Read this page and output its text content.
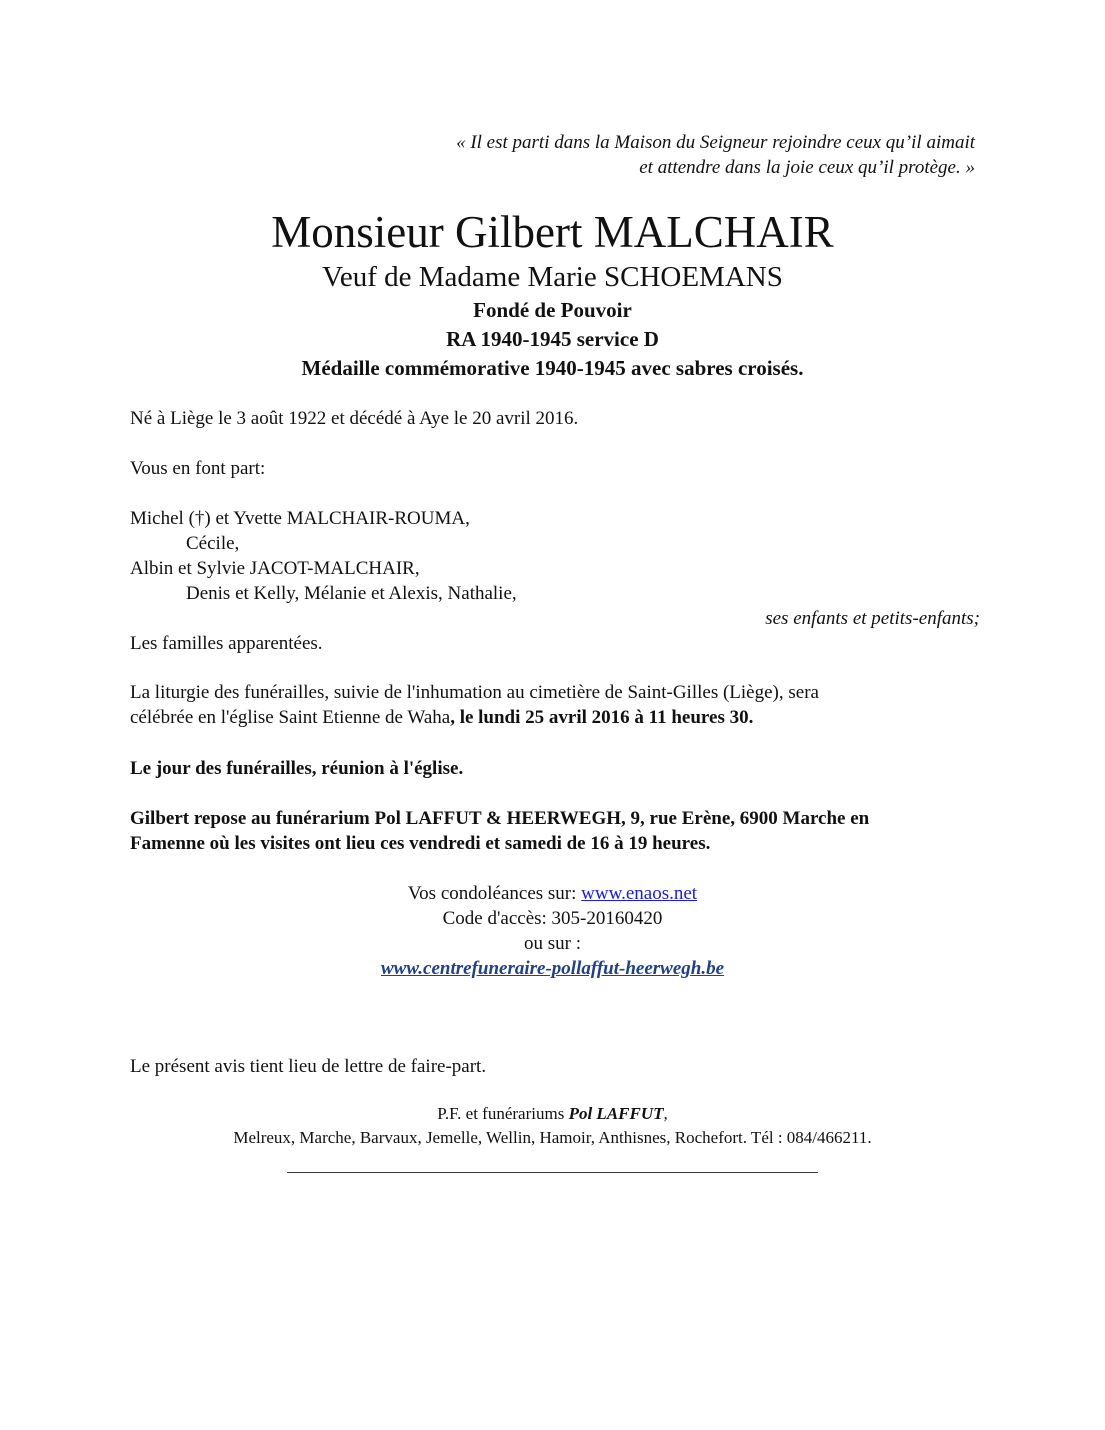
« Il est parti dans la Maison du Seigneur rejoindre ceux qu’il aimait
et attendre dans la joie ceux qu’il protège. »
Monsieur Gilbert MALCHAIR
Veuf de Madame Marie SCHOEMANS
Fondé de Pouvoir
RA 1940-1945 service D
Médaille commémorative 1940-1945 avec sabres croisés.
Né à Liège le 3 août 1922 et décédé à Aye le 20 avril 2016.
Vous en font part:
Michel (†) et Yvette MALCHAIR-ROUMA,
Cécile,
Albin et Sylvie JACOT-MALCHAIR,
Denis et Kelly, Mélanie et Alexis, Nathalie,
ses enfants et petits-enfants;
Les familles apparentées.
La liturgie des funérailles, suivie de l'inhumation au cimetière de Saint-Gilles (Liège), sera
célébrée en l'église Saint Etienne de Waha, le lundi 25 avril 2016 à 11 heures 30.
Le jour des funérailles, réunion à l'église.
Gilbert repose au funérarium Pol LAFFUT & HEERWEGH, 9, rue Erène, 6900 Marche en
Famenne où les visites ont lieu ces vendredi et samedi de 16 à 19 heures.
Vos condoléances sur: www.enaos.net
Code d'accès: 305-20160420
ou sur :
www.centrefuneraire-pollaffut-heerwegh.be
Le présent avis tient lieu de lettre de faire-part.
P.F. et funérariums Pol LAFFUT,
Melreux, Marche, Barvaux, Jemelle, Wellin, Hamoir, Anthisnes, Rochefort. Tél : 084/466211.
